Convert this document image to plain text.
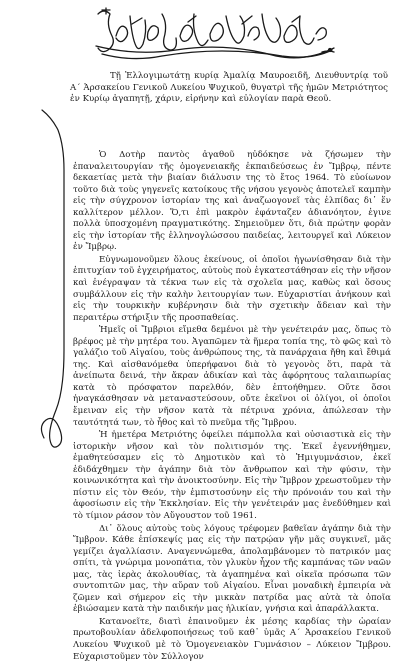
Τῇ Ἐλλογιμωτάτῃ κυρίᾳ Ἀμαλίᾳ Μαυροειδῆ, Διευθυντρίᾳ τοῦ Α΄ Ἀρσακείου Γενικοῦ Λυκείου Ψυχικοῦ, θυγατρὶ τῆς ἡμῶν Μετριότητος ἐν Κυρίῳ ἀγαπητῇ, χάριν, εἰρήνην καὶ εὐλογίαν παρὰ Θεοῦ.

Ὁ Δοτὴρ παντὸς ἀγαθοῦ ηὐδόκησε νὰ ζήσωμεν τὴν ἐπαναλειτουργίαν τῆς ὁμογενειακῆς ἐκπαιδεύσεως ἐν Ἴμβρῳ, πέντε δεκαετίας μετὰ τὴν βιαίαν διάλυσιν της τὸ ἔτος 1964. Τὸ εὐοίωνον τοῦτο διὰ τοὺς γηγενεῖς κατοίκους τῆς νήσου γεγονὸς ἀποτελεῖ καμπὴν εἰς τὴν σύγχρονον ἱστορίαν της καὶ ἀναζωογονεῖ τὰς ἐλπίδας δι᾽ ἕν καλλίτερον μέλλον. Ὅ,τι ἐπὶ μακρὸν ἐφάνταζεν ἀδιανόητον, ἐγινε πολλὰ ὑποσχομένη πραγματικότης. Σημειοῦμεν ὅτι, διὰ πρώτην φορὰν εἰς τὴν ἱστορίαν τῆς ἑλληνογλώσσου παιδείας, λειτουργεῖ καὶ Λύκειον ἐν Ἴμβρῳ.

Εὐγνωμονοῦμεν ὅλους ἐκείνους, οἱ ὁποῖοι ἠγωνίσθησαν διὰ τὴν ἐπιτυχίαν τοῦ ἐγχειρήματος, αὐτοὺς ποὺ ἐγκατεστάθησαν εἰς τὴν νῆσον καὶ ἐνέγραψαν τὰ τέκνα των εἰς τὰ σχολεῖα μας, καθὼς καὶ ὅσους συμβάλλουν εἰς τὴν καλὴν λειτουργίαν των. Εὐχαριστίαι ἀνήκουν καὶ εἰς τὴν τουρκικὴν κυβέρνησιν διὰ τὴν σχετικὴν ἄδειαν καὶ τὴν περαιτέρω στήριξιν τῆς προσπαθείας.

Ἡμεῖς οἱ Ἴμβριοι εἴμεθα δεμένοι μὲ τὴν γενέτειράν μας, ὅπως τὸ βρέφος μὲ τὴν μητέρα του. Ἀγαπῶμεν τὰ ἥμερα τοπία της, τὸ φῶς καὶ τὸ γαλάζιο τοῦ Αἰγαίου, τοὺς ἀνθρώπους της, τὰ πανάρχαια ἤθη καὶ ἔθιμά της. Καὶ αἰσθανόμεθα ὑπερήφανοι διὰ τὸ γεγονὸς ὅτι, παρὰ τὰ ἀνείπωτα δεινά, τὴν ἄκραν ἀδικίαν καὶ τὰς ἀφόρητους ταλαιπωρίας κατὰ τὸ πρόσφατον παρελθόν, δὲν ἐπτοήθημεν. Οὔτε ὅσοι ἠναγκάσθησαν νὰ μεταναστεύσουν, οὔτε ἐκεῖνοι οἱ ὀλίγοι, οἱ ὁποῖοι ἔμειναν εἰς τὴν νῆσον κατὰ τὰ πέτρινα χρόνια, ἀπώλεσαν τὴν ταυτότητά των, τὸ ἦθος καὶ τὸ πνεῦμα τῆς Ἴμβρου.

Ἡ ἡμετέρα Μετριότης ὀφείλει πάμπολλα καὶ οὐσιαστικὰ εἰς τὴν ἱστορικὴν νῆσον καὶ τὸν πολιτισμόν της. Ἐκεῖ ἐγεννήθημεν, ἐμαθητεύσαμεν εἰς τὸ Δημοτικὸν καὶ τὸ Ἡμιγυμνάσιον, ἐκεῖ ἐδιδάχθημεν τὴν ἀγάπην διὰ τὸν ἄνθρωπον καὶ τὴν φύσιν, τὴν κοινωνικότητα καὶ τὴν ἀνοικτοσύνην. Εἰς τὴν Ἴμβρον χρεωστοῦμεν τὴν πίστιν εἰς τὸν Θεόν, τὴν ἐμπιστοσύνην εἰς τὴν πρόνοιάν του καὶ τὴν ἀφοσίωσιν εἰς τὴν Ἐκκλησίαν. Εἰς τὴν γενέτειράν μας ἐνεδύθημεν καὶ τὸ τίμιον ράσον τὸν Αὔγουστον τοῦ 1961.

Δι᾽ ὅλους αὐτοὺς τοὺς λόγους τρέφομεν βαθεῖαν ἀγάπην διὰ τὴν Ἴμβρον. Κάθε ἐπίσκεψίς μας εἰς τὴν πατρῴαν γῆν μᾶς συγκινεῖ, μᾶς γεμίζει ἀγαλλίασιν. Αναγεννώμεθα, ἀπολαμβάνομεν τὸ πατρικόν μας σπίτι, τὰ γνώριμα μονοπάτια, τὸν γλυκὺν ἦχον τῆς καμπάνας τῶν ναῶν μας, τὰς ἱερὰς ἀκολουθίας, τὰ ἀγαπημένα καὶ οἰκεῖα πρόσωπα τῶν συντοπιτῶν μας, τὴν αὔραν τοῦ Αἰγαίου. Εἶναι μοναδικὴ ἐμπειρία νὰ ζῶμεν καὶ σήμερον εἰς τὴν μικκὰν πατρίδα μας αὐτὰ τὰ ὁποῖα ἐβιώσαμεν κατὰ τὴν παιδικήν μας ἡλικίαν, γνήσια καὶ ἀπαράλλακτα.

Κατανοεῖτε, διατὶ ἐπαινοῦμεν ἐκ μέσης καρδίας τὴν ὡραίαν πρωτοβουλίαν ἀδελφοποιήσεως τοῦ καθ᾽ ὑμᾶς Α΄ Ἀρσακείου Γενικοῦ Λυκείου Ψυχικοῦ μὲ τὸ Ὁμογενειακὸν Γυμνάσιον – Λύκειον Ἴμβρου. Εὐχαριστοῦμεν τὸν Σύλλογον
